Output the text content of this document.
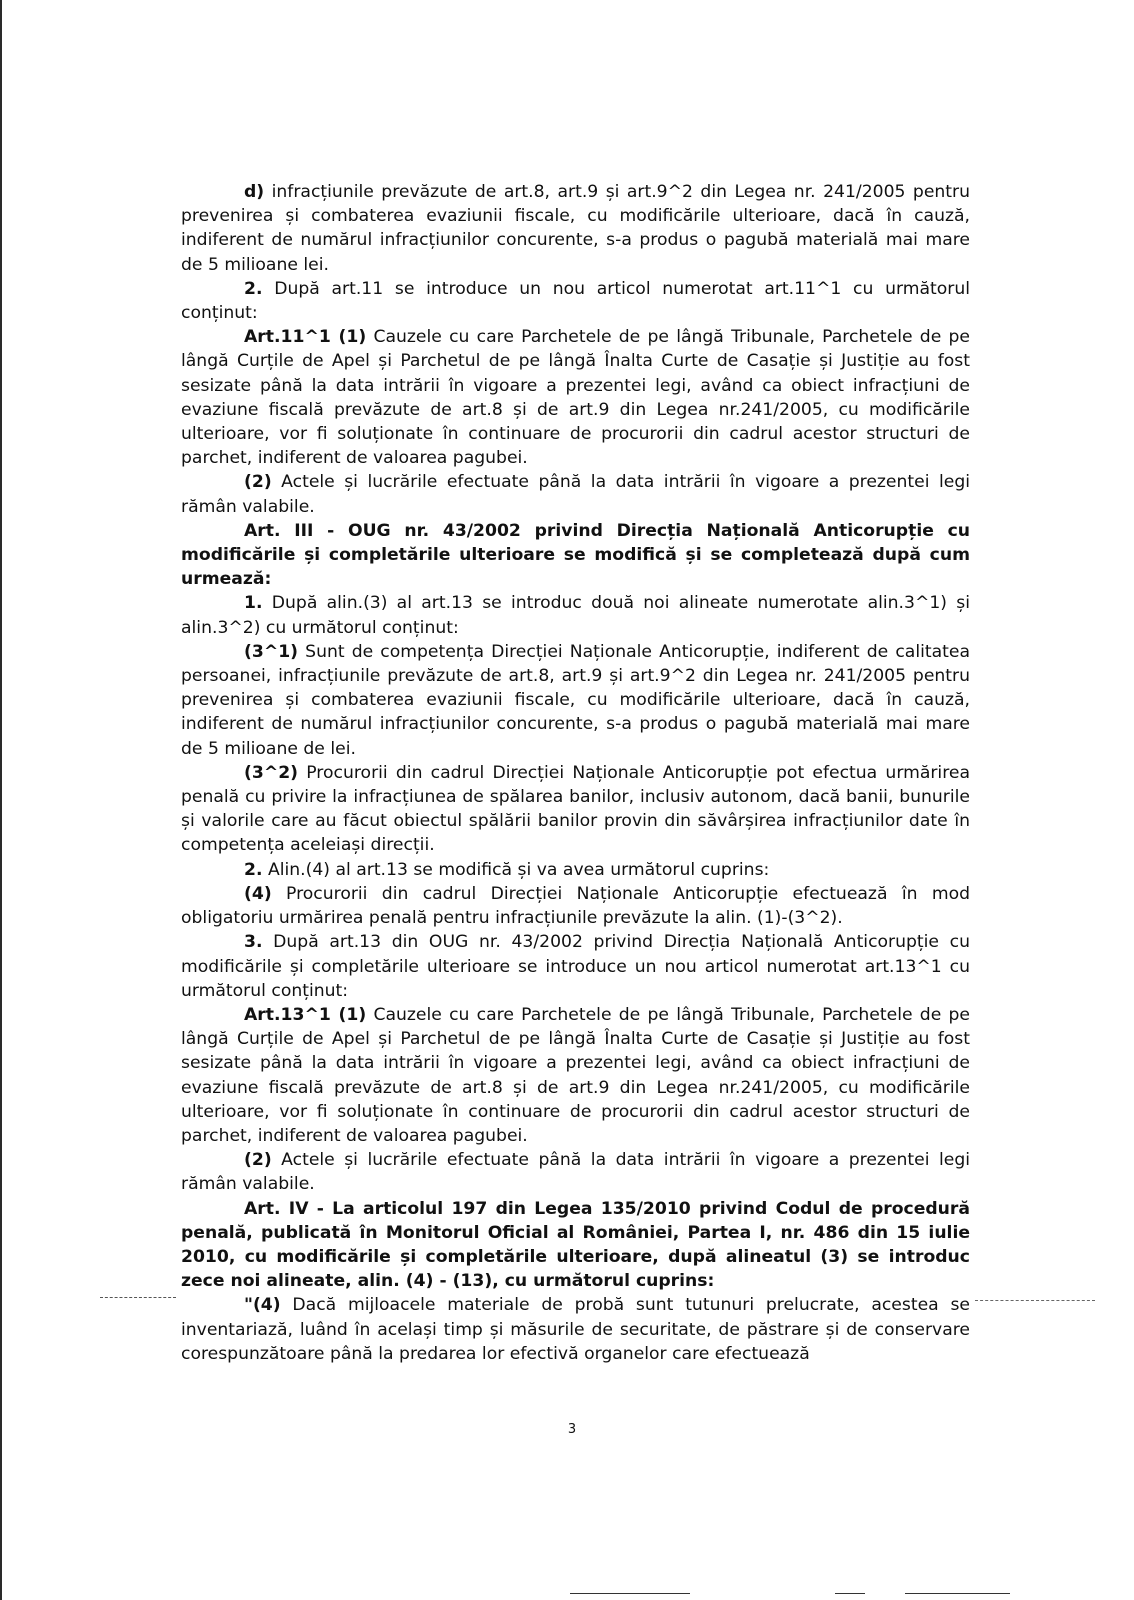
d) infracțiunile prevăzute de art.8, art.9 și art.9^2 din Legea nr. 241/2005 pentru prevenirea și combaterea evaziunii fiscale, cu modificările ulterioare, dacă în cauză, indiferent de numărul infracțiunilor concurente, s-a produs o pagubă materială mai mare de 5 milioane lei.

2. După art.11 se introduce un nou articol numerotat art.11^1 cu următorul conținut:

Art.11^1 (1) Cauzele cu care Parchetele de pe lângă Tribunale, Parchetele de pe lângă Curțile de Apel și Parchetul de pe lângă Înalta Curte de Casație și Justiție au fost sesizate până la data intrării în vigoare a prezentei legi, având ca obiect infracțiuni de evaziune fiscală prevăzute de art.8 și de art.9 din Legea nr.241/2005, cu modificările ulterioare, vor fi soluționate în continuare de procurorii din cadrul acestor structuri de parchet, indiferent de valoarea pagubei.

(2) Actele și lucrările efectuate până la data intrării în vigoare a prezentei legi rămân valabile.

Art. III - OUG nr. 43/2002 privind Direcția Națională Anticorupție cu modificările și completările ulterioare se modifică și se completează după cum urmează:

1. După alin.(3) al art.13 se introduc două noi alineate numerotate alin.3^1) și alin.3^2) cu următorul conținut:

(3^1) Sunt de competența Direcției Naționale Anticorupție, indiferent de calitatea persoanei, infracțiunile prevăzute de art.8, art.9 și art.9^2 din Legea nr. 241/2005 pentru prevenirea și combaterea evaziunii fiscale, cu modificările ulterioare, dacă în cauză, indiferent de numărul infracțiunilor concurente, s-a produs o pagubă materială mai mare de 5 milioane de lei.

(3^2) Procurorii din cadrul Direcției Naționale Anticorupție pot efectua urmărirea penală cu privire la infracțiunea de spălarea banilor, inclusiv autonom, dacă banii, bunurile și valorile care au făcut obiectul spălării banilor provin din săvârșirea infracțiunilor date în competența aceleiași direcții.

2. Alin.(4) al art.13 se modifică și va avea următorul cuprins:

(4) Procurorii din cadrul Direcției Naționale Anticorupție efectuează în mod obligatoriu urmărirea penală pentru infracțiunile prevăzute la alin. (1)-(3^2).

3. După art.13 din OUG nr. 43/2002 privind Direcția Națională Anticorupție cu modificările și completările ulterioare se introduce un nou articol numerotat art.13^1 cu următorul conținut:

Art.13^1 (1) Cauzele cu care Parchetele de pe lângă Tribunale, Parchetele de pe lângă Curțile de Apel și Parchetul de pe lângă Înalta Curte de Casație și Justiție au fost sesizate până la data intrării în vigoare a prezentei legi, având ca obiect infracțiuni de evaziune fiscală prevăzute de art.8 și de art.9 din Legea nr.241/2005, cu modificările ulterioare, vor fi soluționate în continuare de procurorii din cadrul acestor structuri de parchet, indiferent de valoarea pagubei.

(2) Actele și lucrările efectuate până la data intrării în vigoare a prezentei legi rămân valabile.

Art. IV - La articolul 197 din Legea 135/2010 privind Codul de procedură penală, publicată în Monitorul Oficial al României, Partea I, nr. 486 din 15 iulie 2010, cu modificările și completările ulterioare, după alineatul (3) se introduc zece noi alineate, alin. (4) - (13), cu următorul cuprins:

"(4) Dacă mijloacele materiale de probă sunt tutunuri prelucrate, acestea se inventariază, luând în același timp și măsurile de securitate, de păstrare și de conservare corespunzătoare până la predarea lor efectivă organelor care efectuează

3
